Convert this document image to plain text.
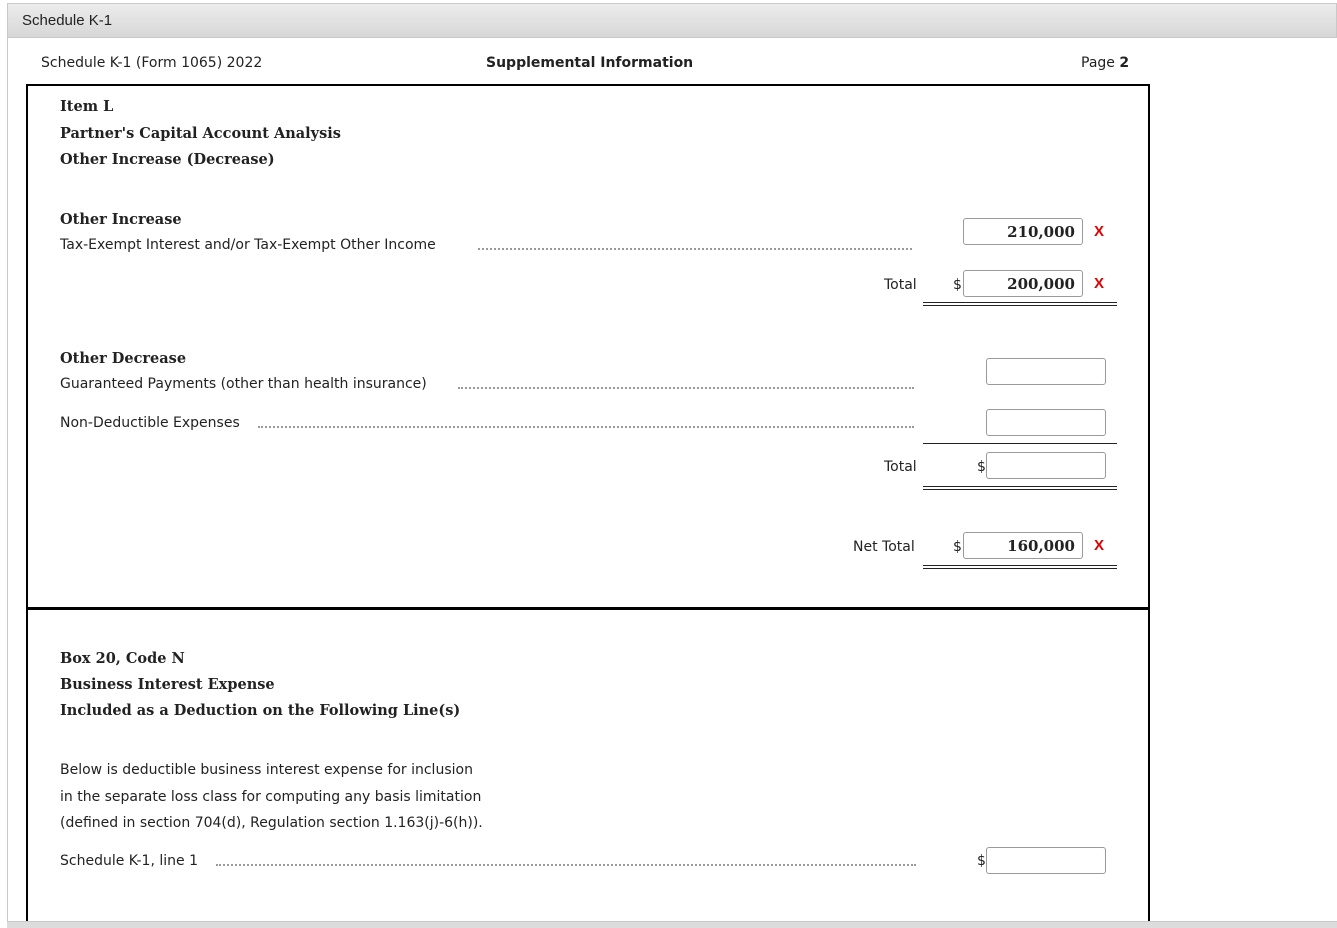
Schedule K-1
Schedule K-1 (Form 1065) 2022	Supplemental Information	Page 2
Item L
Partner's Capital Account Analysis
Other Increase (Decrease)
Other Increase
Tax-Exempt Interest and/or Tax-Exempt Other Income
210,000	X
Total	$	200,000	X
Other Decrease
Guaranteed Payments (other than health insurance)
Non-Deductible Expenses
Total	$
Net Total	$	160,000	X
Box 20, Code N
Business Interest Expense
Included as a Deduction on the Following Line(s)
Below is deductible business interest expense for inclusion
in the separate loss class for computing any basis limitation
(defined in section 704(d), Regulation section 1.163(j)-6(h)).
Schedule K-1, line 1	$
